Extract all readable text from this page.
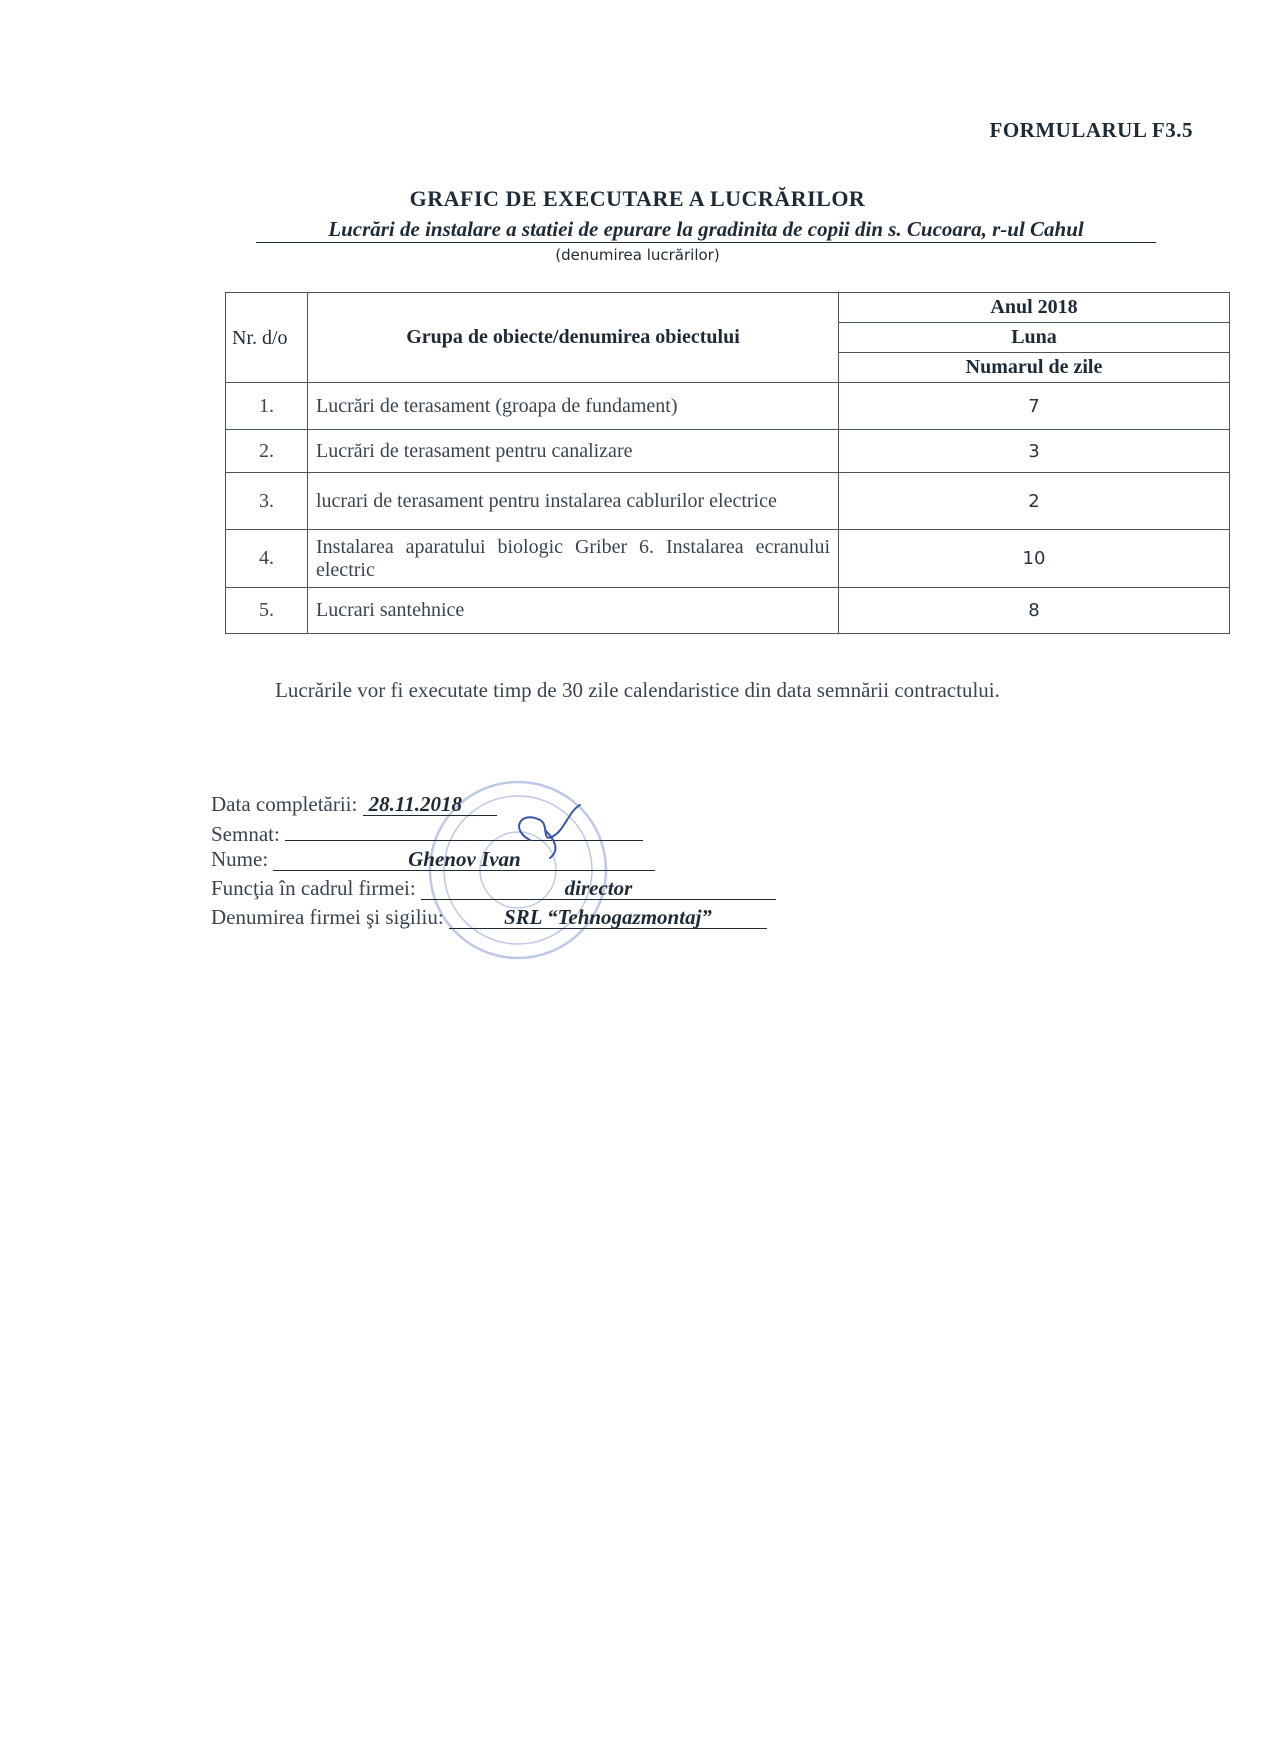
FORMULARUL F3.5
GRAFIC DE EXECUTARE A LUCRĂRILOR
Lucrări de instalare a statiei de epurare la gradinita de copii din s. Cucoara, r-ul Cahul
(denumirea lucrărilor)
Nr. d/o	Grupa de obiecte/denumirea obiectului	Anul 2018
		Luna
		Numarul de zile
1.	Lucrări de terasament (groapa de fundament)	7
2.	Lucrări de terasament pentru canalizare	3
3.	lucrari de terasament pentru instalarea cablurilor electrice	2
4.	Instalarea aparatului biologic Griber 6. Instalarea ecranului electric	10
5.	Lucrari santehnice	8
Lucrările vor fi executate timp de 30 zile calendaristice din data semnării contractului.
Data completării: 28.11.2018
Semnat:
Nume:	Ghenov Ivan
Funcţia în cadrul firmei:	director
Denumirea firmei şi sigiliu:	SRL “Tehnogazmontaj”
